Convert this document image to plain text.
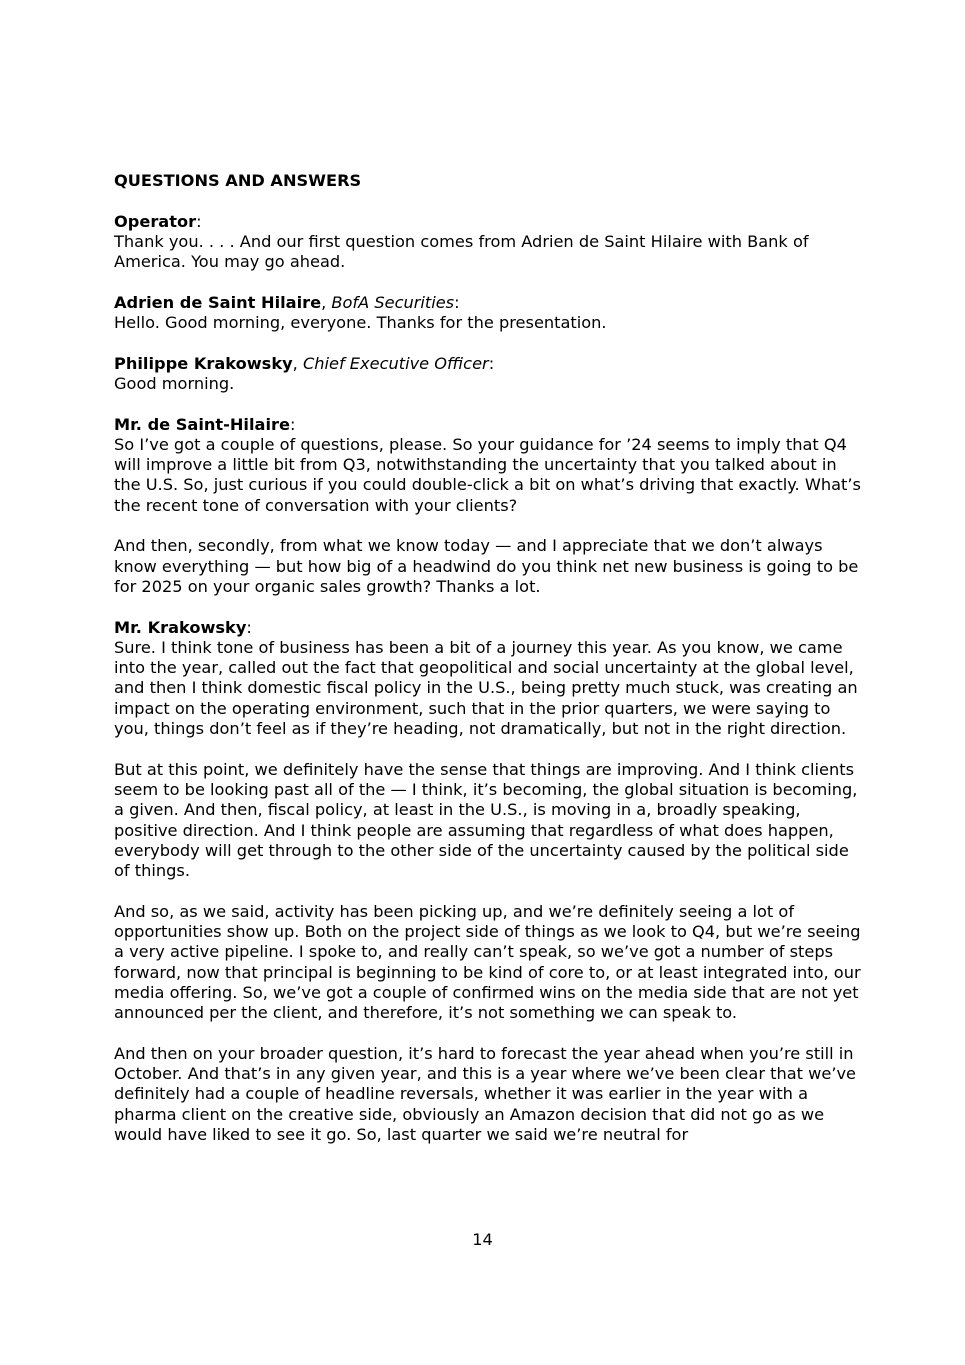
QUESTIONS AND ANSWERS
Operator:

Thank you. . . . And our first question comes from Adrien de Saint Hilaire with Bank of America. You may go ahead.

Adrien de Saint Hilaire, BofA Securities:

Hello. Good morning, everyone. Thanks for the presentation.

Philippe Krakowsky, Chief Executive Officer:

Good morning.

Mr. de Saint-Hilaire:

So I’ve got a couple of questions, please. So your guidance for ’24 seems to imply that Q4 will improve a little bit from Q3, notwithstanding the uncertainty that you talked about in the U.S. So, just curious if you could double-click a bit on what’s driving that exactly. What’s the recent tone of conversation with your clients?

And then, secondly, from what we know today — and I appreciate that we don’t always know everything — but how big of a headwind do you think net new business is going to be for 2025 on your organic sales growth? Thanks a lot.

Mr. Krakowsky:

Sure. I think tone of business has been a bit of a journey this year. As you know, we came into the year, called out the fact that geopolitical and social uncertainty at the global level, and then I think domestic fiscal policy in the U.S., being pretty much stuck, was creating an impact on the operating environment, such that in the prior quarters, we were saying to you, things don’t feel as if they’re heading, not dramatically, but not in the right direction.

But at this point, we definitely have the sense that things are improving. And I think clients seem to be looking past all of the — I think, it’s becoming, the global situation is becoming, a given. And then, fiscal policy, at least in the U.S., is moving in a, broadly speaking, positive direction. And I think people are assuming that regardless of what does happen, everybody will get through to the other side of the uncertainty caused by the political side of things.

And so, as we said, activity has been picking up, and we’re definitely seeing a lot of opportunities show up. Both on the project side of things as we look to Q4, but we’re seeing a very active pipeline. I spoke to, and really can’t speak, so we’ve got a number of steps forward, now that principal is beginning to be kind of core to, or at least integrated into, our media offering. So, we’ve got a couple of confirmed wins on the media side that are not yet announced per the client, and therefore, it’s not something we can speak to.

And then on your broader question, it’s hard to forecast the year ahead when you’re still in October. And that’s in any given year, and this is a year where we’ve been clear that we’ve definitely had a couple of headline reversals, whether it was earlier in the year with a pharma client on the creative side, obviously an Amazon decision that did not go as we would have liked to see it go. So, last quarter we said we’re neutral for

14
